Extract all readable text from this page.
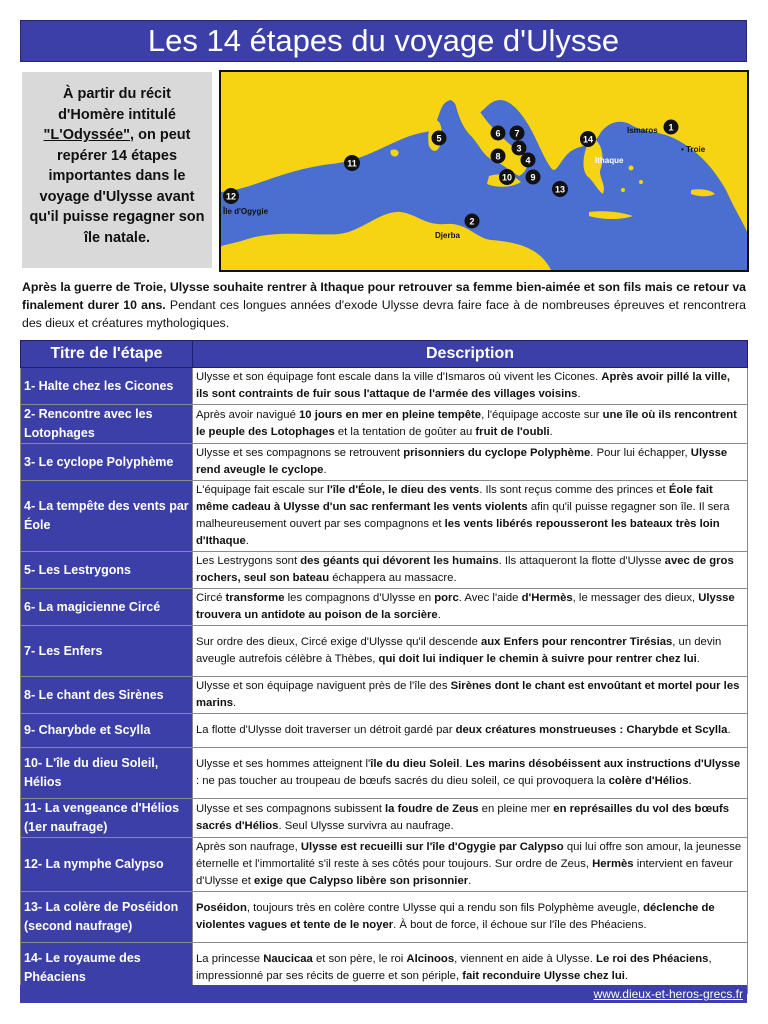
Les 14 étapes du voyage d'Ulysse
À partir du récit d'Homère intitulé "L'Odyssée", on peut repérer 14 étapes importantes dans le voyage d'Ulysse avant qu'il puisse regagner son île natale.
Ismaros
• Troie
Ithaque
Île d'Ogygie
Djerba
1
2
3
4
5	6 7
8
9
10
11
12
13
14
Après la guerre de Troie, Ulysse souhaite rentrer à Ithaque pour retrouver sa femme bien-aimée et son fils mais ce retour va finalement durer 10 ans. Pendant ces longues années d'exode Ulysse devra faire face à de nombreuses épreuves et rencontrera des dieux et créatures mythologiques.
Titre de l'étape	Description
1- Halte chez les Cicones	Ulysse et son équipage font escale dans la ville d'Ismaros où vivent les Cicones. Après avoir pillé la ville, ils sont contraints de fuir sous l'attaque de l'armée des villages voisins.
2- Rencontre avec les Lotophages	Après avoir navigué 10 jours en mer en pleine tempête, l'équipage accoste sur une île où ils rencontrent le peuple des Lotophages et la tentation de goûter au fruit de l'oubli.
3- Le cyclope Polyphème	Ulysse et ses compagnons se retrouvent prisonniers du cyclope Polyphème. Pour lui échapper, Ulysse rend aveugle le cyclope.
4- La tempête des vents par Éole	L'équipage fait escale sur l'île d'Éole, le dieu des vents. Ils sont reçus comme des princes et Éole fait même cadeau à Ulysse d'un sac renfermant les vents violents afin qu'il puisse regagner son île. Il sera malheureusement ouvert par ses compagnons et les vents libérés repousseront les bateaux très loin d'Ithaque.
5- Les Lestrygons	Les Lestrygons sont des géants qui dévorent les humains. Ils attaqueront la flotte d'Ulysse avec de gros rochers, seul son bateau échappera au massacre.
6- La magicienne Circé	Circé transforme les compagnons d'Ulysse en porc. Avec l'aide d'Hermès, le messager des dieux, Ulysse trouvera un antidote au poison de la sorcière.
7- Les Enfers	Sur ordre des dieux, Circé exige d'Ulysse qu'il descende aux Enfers pour rencontrer Tirésias, un devin aveugle autrefois célèbre à Thèbes, qui doit lui indiquer le chemin à suivre pour rentrer chez lui.
8- Le chant des Sirènes	Ulysse et son équipage naviguent près de l'île des Sirènes dont le chant est envoûtant et mortel pour les marins.
9- Charybde et Scylla	La flotte d'Ulysse doit traverser un détroit gardé par deux créatures monstrueuses : Charybde et Scylla.
10- L'île du dieu Soleil, Hélios	Ulysse et ses hommes atteignent l'île du dieu Soleil. Les marins désobéissent aux instructions d'Ulysse : ne pas toucher au troupeau de bœufs sacrés du dieu soleil, ce qui provoquera la colère d'Hélios.
11- La vengeance d'Hélios (1er naufrage)	Ulysse et ses compagnons subissent la foudre de Zeus en pleine mer en représailles du vol des bœufs sacrés d'Hélios. Seul Ulysse survivra au naufrage.
12- La nymphe Calypso	Après son naufrage, Ulysse est recueilli sur l'île d'Ogygie par Calypso qui lui offre son amour, la jeunesse éternelle et l'immortalité s'il reste à ses côtés pour toujours. Sur ordre de Zeus, Hermès intervient en faveur d'Ulysse et exige que Calypso libère son prisonnier.
13- La colère de Poséidon (second naufrage)	Poséidon, toujours très en colère contre Ulysse qui a rendu son fils Polyphème aveugle, déclenche de violentes vagues et tente de le noyer. À bout de force, il échoue sur l'île des Phéaciens.
14- Le royaume des Phéaciens	La princesse Naucicaa et son père, le roi Alcinoos, viennent en aide à Ulysse. Le roi des Phéaciens, impressionné par ses récits de guerre et son périple, fait reconduire Ulysse chez lui.
www.dieux-et-heros-grecs.fr
